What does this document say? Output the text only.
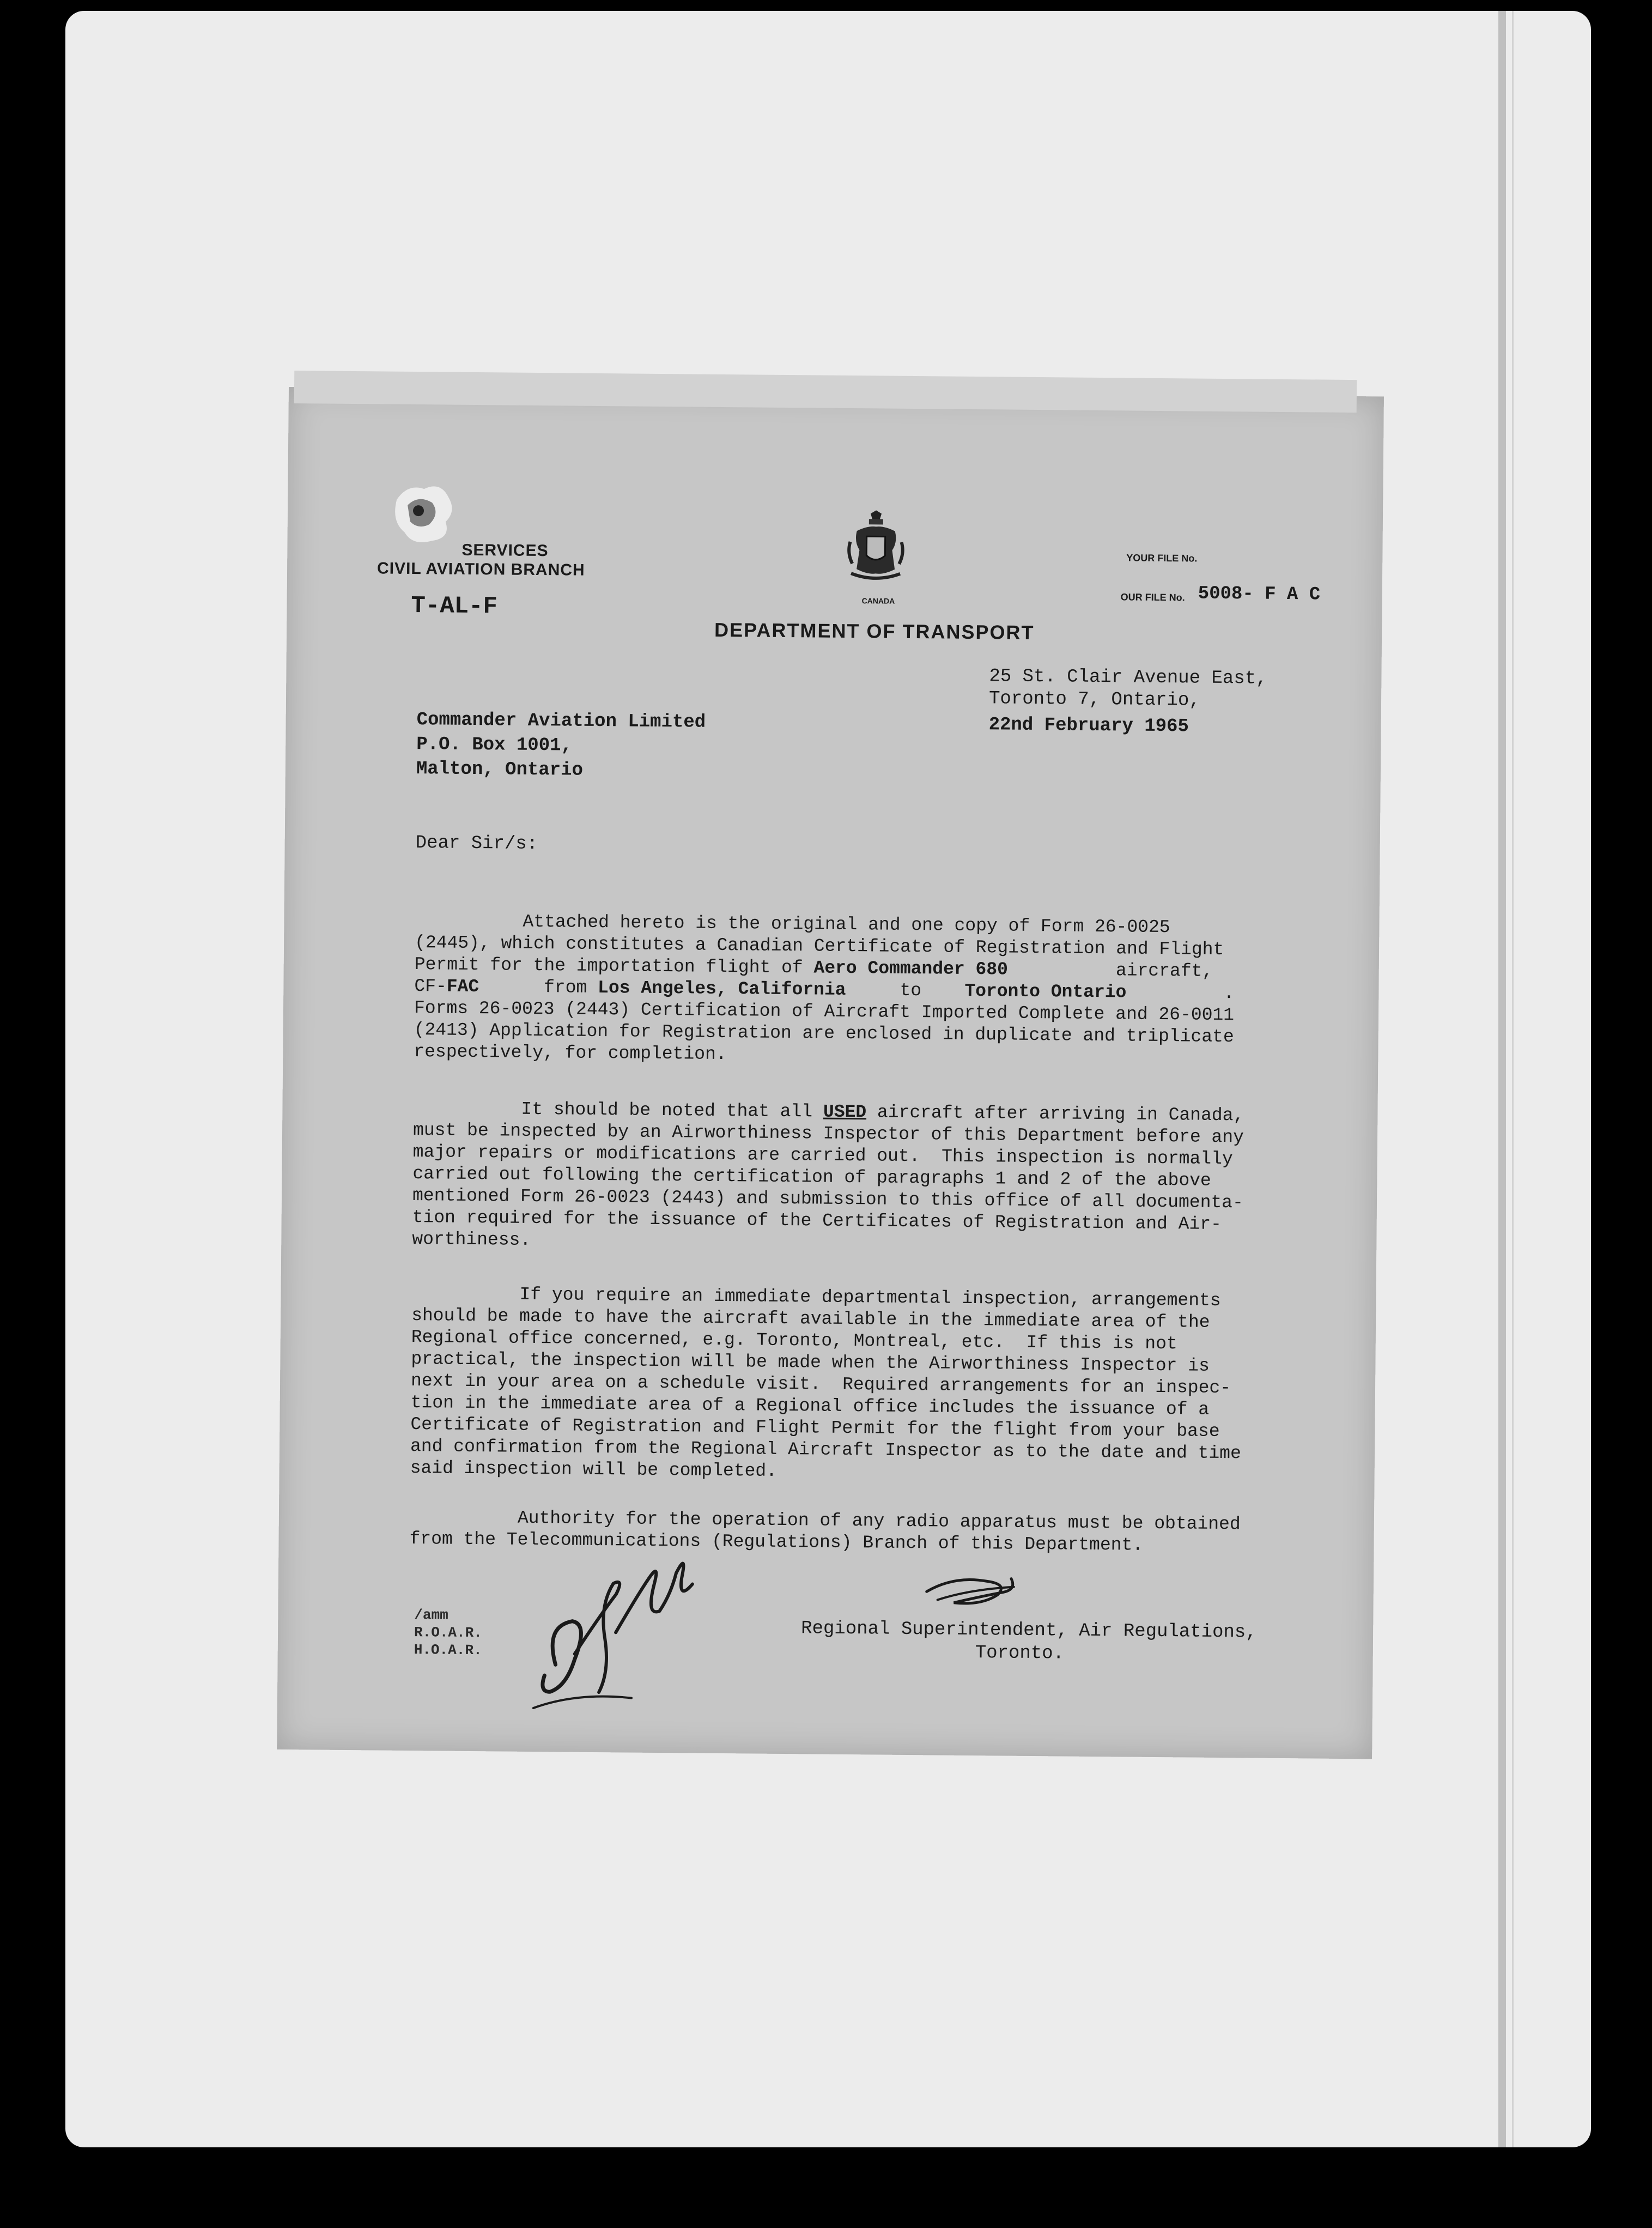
SERVICES
CIVIL AVIATION BRANCH
T-AL-F	CANADA
DEPARTMENT OF TRANSPORT
YOUR FILE No.
OUR FILE No. 5008- F A C
25 St. Clair Avenue East,
Toronto 7, Ontario,
22nd February 1965
Commander Aviation Limited
P.O. Box 1001,
Malton, Ontario
Dear Sir/s:

Attached hereto is the original and one copy of Form 26-0025
(2445), which constitutes a Canadian Certificate of Registration and Flight
Permit for the importation flight of Aero Commander 680          aircraft,
CF-FAC      from Los Angeles, California     to    Toronto Ontario         .
Forms 26-0023 (2443) Certification of Aircraft Imported Complete and 26-0011
(2413) Application for Registration are enclosed in duplicate and triplicate
respectively, for completion.

It should be noted that all USED aircraft after arriving in Canada,
must be inspected by an Airworthiness Inspector of this Department before any
major repairs or modifications are carried out.  This inspection is normally
carried out following the certification of paragraphs 1 and 2 of the above
mentioned Form 26-0023 (2443) and submission to this office of all documenta-
tion required for the issuance of the Certificates of Registration and Air-
worthiness.

If you require an immediate departmental inspection, arrangements
should be made to have the aircraft available in the immediate area of the
Regional office concerned, e.g. Toronto, Montreal, etc.  If this is not
practical, the inspection will be made when the Airworthiness Inspector is
next in your area on a schedule visit.  Required arrangements for an inspec-
tion in the immediate area of a Regional office includes the issuance of a
Certificate of Registration and Flight Permit for the flight from your base
and confirmation from the Regional Aircraft Inspector as to the date and time
said inspection will be completed.

Authority for the operation of any radio apparatus must be obtained
from the Telecommunications (Regulations) Branch of this Department.
Regional Superintendent, Air Regulations,
Toronto.
/amm
R.O.A.R.
H.O.A.R.
